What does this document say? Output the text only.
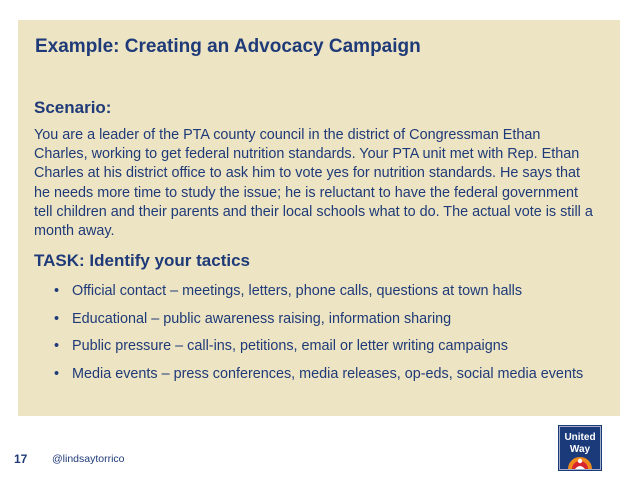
Example: Creating an Advocacy Campaign
Scenario:

You are a leader of the PTA county council in the district of Congressman Ethan Charles, working to get federal nutrition standards. Your PTA unit met with Rep. Ethan Charles at his district office to ask him to vote yes for nutrition standards. He says that he needs more time to study the issue; he is reluctant to have the federal government tell children and their parents and their local schools what to do. The actual vote is still a month away.

TASK: Identify your tactics
• Official contact – meetings, letters, phone calls, questions at town halls
• Educational – public awareness raising, information sharing
• Public pressure – call-ins, petitions, email or letter writing campaigns
• Media events – press conferences, media releases, op-eds, social media events
17 @lindsaytorrico
United
Way
